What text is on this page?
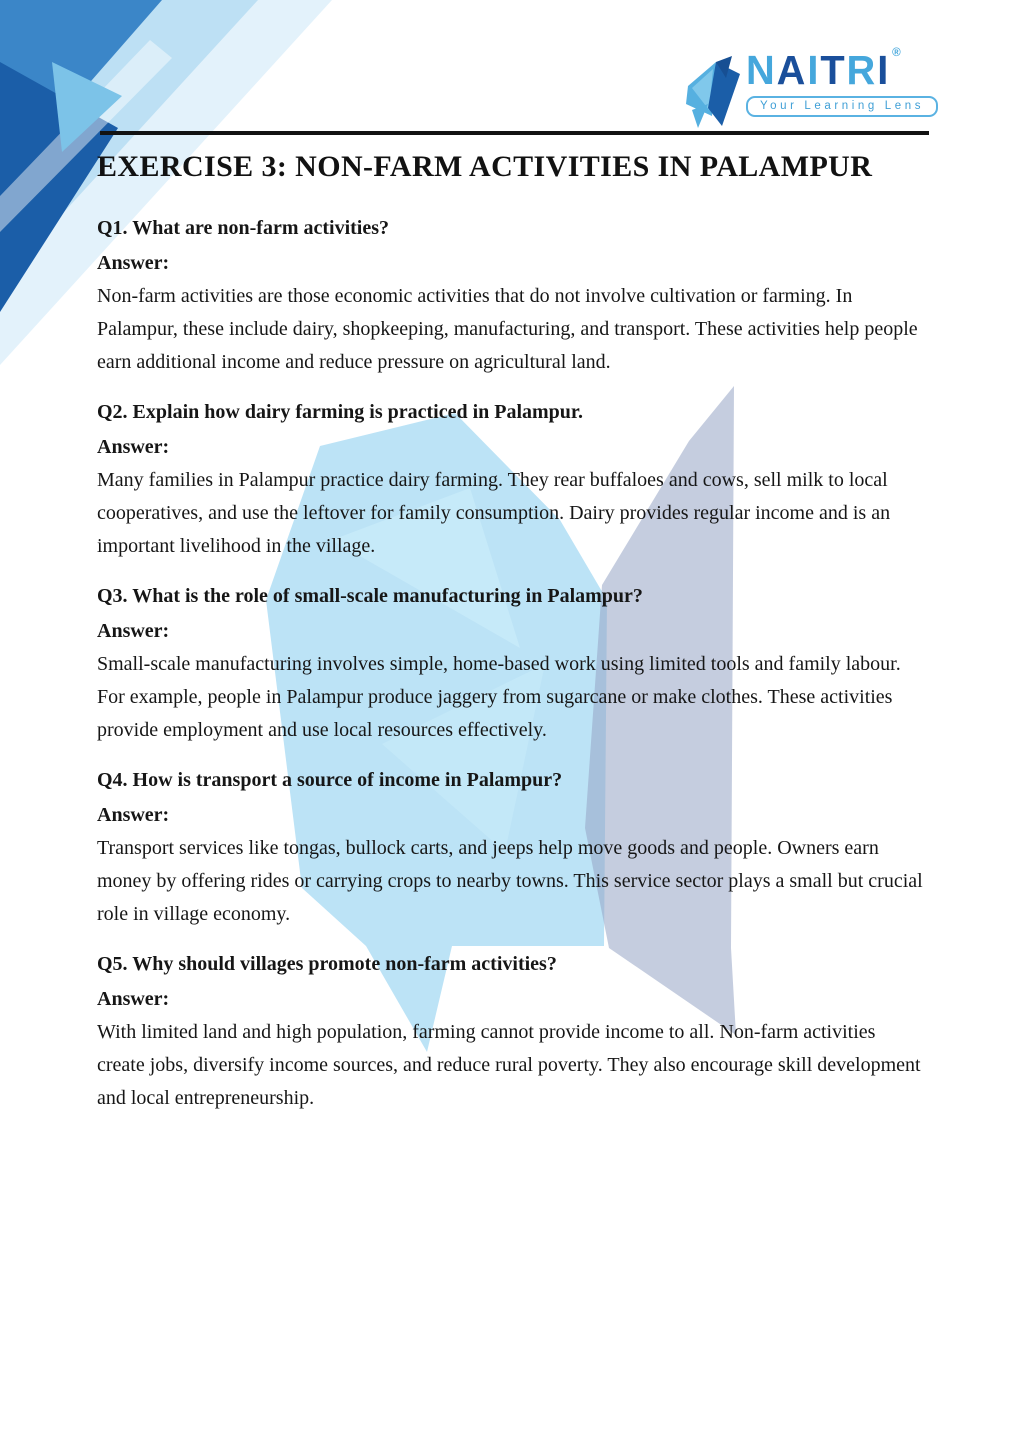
NAITRI ®
Your Learning Lens
EXERCISE 3: NON-FARM ACTIVITIES IN PALAMPUR

Q1. What are non-farm activities?

Answer:

Non-farm activities are those economic activities that do not involve cultivation or farming. In Palampur, these include dairy, shopkeeping, manufacturing, and transport. These activities help people earn additional income and reduce pressure on agricultural land.

Q2. Explain how dairy farming is practiced in Palampur.

Answer:

Many families in Palampur practice dairy farming. They rear buffaloes and cows, sell milk to local cooperatives, and use the leftover for family consumption. Dairy provides regular income and is an important livelihood in the village.

Q3. What is the role of small-scale manufacturing in Palampur?

Answer:

Small-scale manufacturing involves simple, home-based work using limited tools and family labour. For example, people in Palampur produce jaggery from sugarcane or make clothes. These activities provide employment and use local resources effectively.

Q4. How is transport a source of income in Palampur?

Answer:

Transport services like tongas, bullock carts, and jeeps help move goods and people. Owners earn money by offering rides or carrying crops to nearby towns. This service sector plays a small but crucial role in village economy.

Q5. Why should villages promote non-farm activities?

Answer:

With limited land and high population, farming cannot provide income to all. Non-farm activities create jobs, diversify income sources, and reduce rural poverty. They also encourage skill development and local entrepreneurship.
